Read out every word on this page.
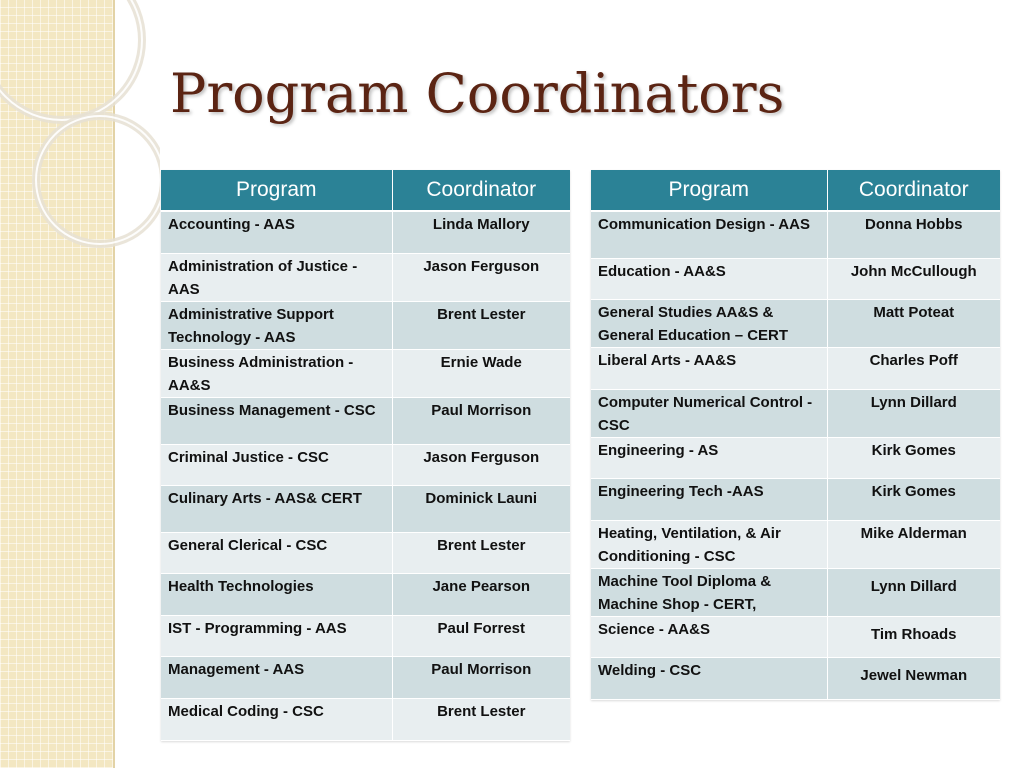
Program Coordinators
Program	Coordinator
Accounting - AAS	Linda Mallory
Administration of Justice - AAS	Jason Ferguson
Administrative Support Technology - AAS	Brent Lester
Business Administration - AA&S	Ernie Wade
Business Management - CSC	Paul Morrison
Criminal Justice - CSC	Jason Ferguson
Culinary Arts - AAS& CERT	Dominick Launi
General Clerical - CSC	Brent Lester
Health Technologies	Jane Pearson
IST - Programming - AAS	Paul Forrest
Management - AAS	Paul Morrison
Medical Coding - CSC	Brent Lester
Program	Coordinator
Communication Design - AAS	Donna Hobbs
Education - AA&S	John McCullough
General Studies AA&S & General Education – CERT	Matt Poteat
Liberal Arts - AA&S	Charles Poff
Computer Numerical Control - CSC	Lynn Dillard
Engineering - AS	Kirk Gomes
Engineering Tech -AAS	Kirk Gomes
Heating, Ventilation, & Air Conditioning - CSC	Mike Alderman
Machine Tool Diploma & Machine Shop - CERT,	Lynn Dillard
Science - AA&S	Tim Rhoads
Welding - CSC	Jewel Newman
